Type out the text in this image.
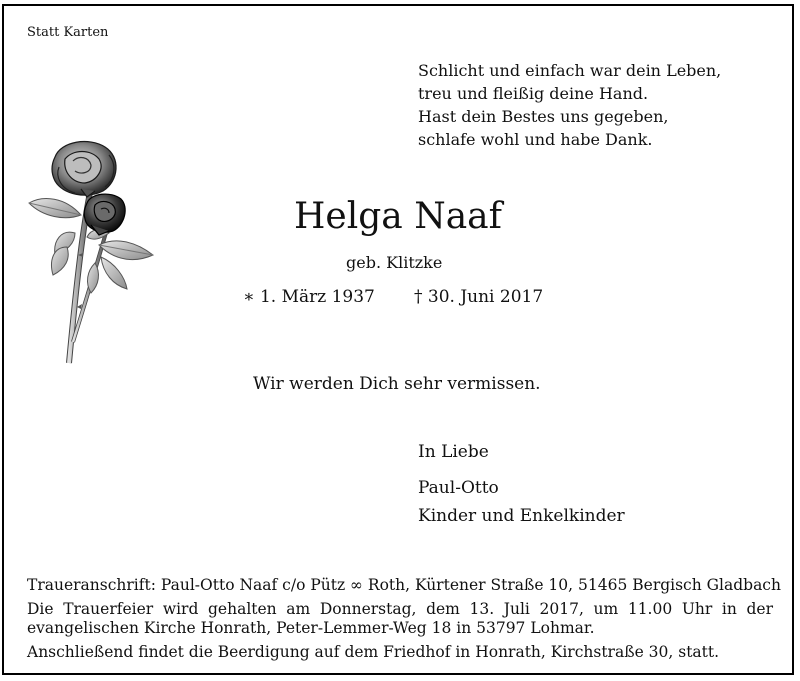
Statt Karten
Schlicht und einfach war dein Leben,
treu und fleißig deine Hand.
Hast dein Bestes uns gegeben,
schlafe wohl und habe Dank.
Helga Naaf
geb. Klitzke
∗ 1. März 1937 † 30. Juni 2017
Wir werden Dich sehr vermissen.
In Liebe
Paul-Otto
Kinder und Enkelkinder
Traueranschrift: Paul-Otto Naaf c/o Pütz ∞ Roth, Kürtener Straße 10, 51465 Bergisch Gladbach
Die Trauerfeier wird gehalten am Donnerstag, dem 13. Juli 2017, um 11.00 Uhr in der
evangelischen Kirche Honrath, Peter-Lemmer-Weg 18 in 53797 Lohmar.
Anschließend findet die Beerdigung auf dem Friedhof in Honrath, Kirchstraße 30, statt.
